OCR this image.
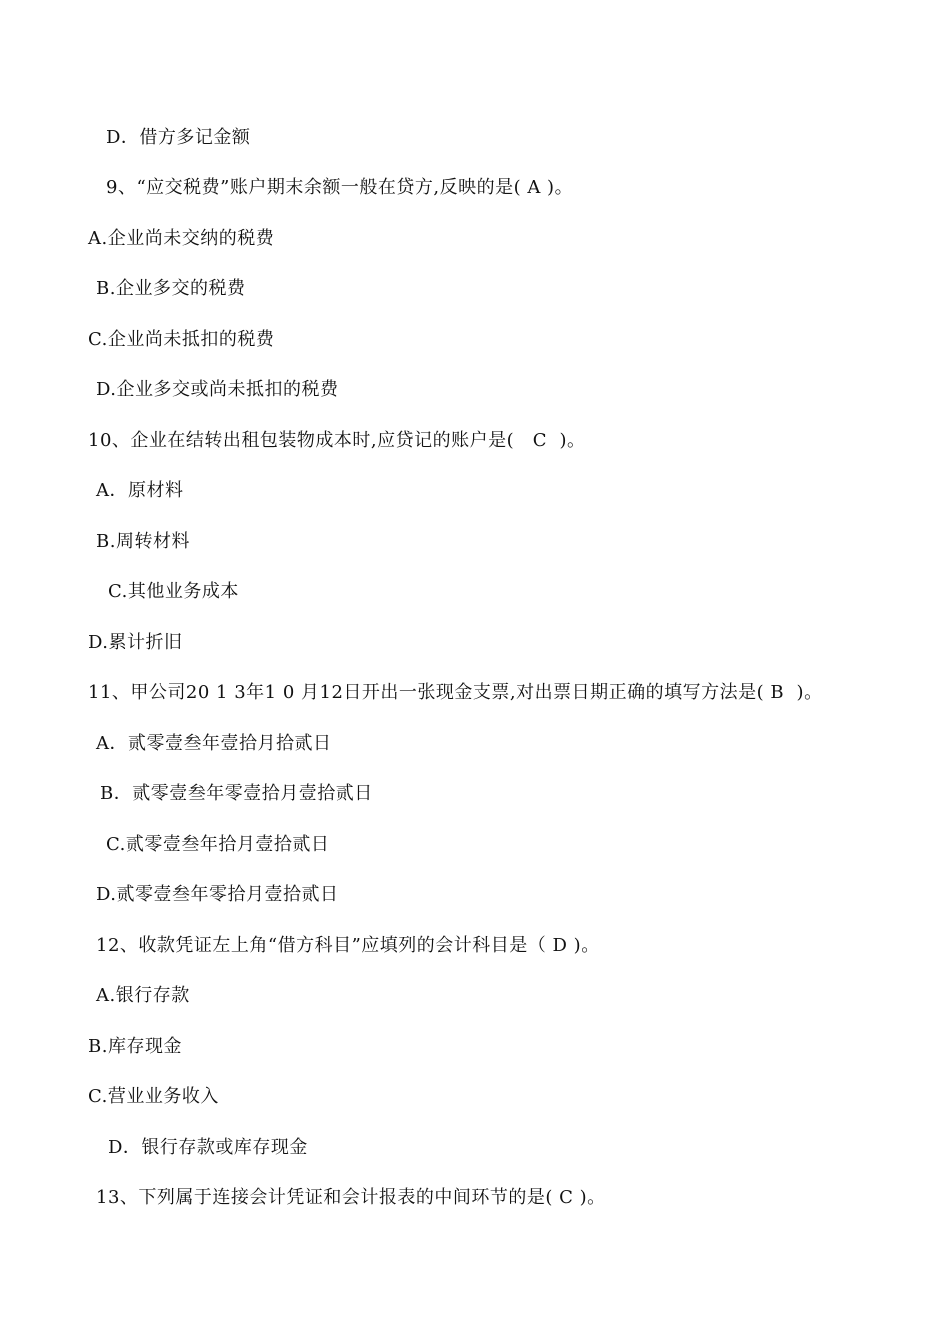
D．借方多记金额
9、“应交税费”账户期末余额一般在贷方,反映的是( A )。
A.企业尚未交纳的税费
B.企业多交的税费
C.企业尚未抵扣的税费
D.企业多交或尚未抵扣的税费
10、企业在结转出租包装物成本时,应贷记的账户是(   C  )。
A．原材料
B.周转材料
C.其他业务成本
D.累计折旧
11、甲公司20 1 3年1 0 月12日开出一张现金支票,对出票日期正确的填写方法是( B  )。
A．贰零壹叁年壹拾月拾贰日
B．贰零壹叁年零壹拾月壹拾贰日
C.贰零壹叁年拾月壹拾贰日
D.贰零壹叁年零拾月壹拾贰日
12、收款凭证左上角“借方科目”应填列的会计科目是（ D )。
A.银行存款
B.库存现金
C.营业业务收入
D．银行存款或库存现金
13、下列属于连接会计凭证和会计报表的中间环节的是( C )。
